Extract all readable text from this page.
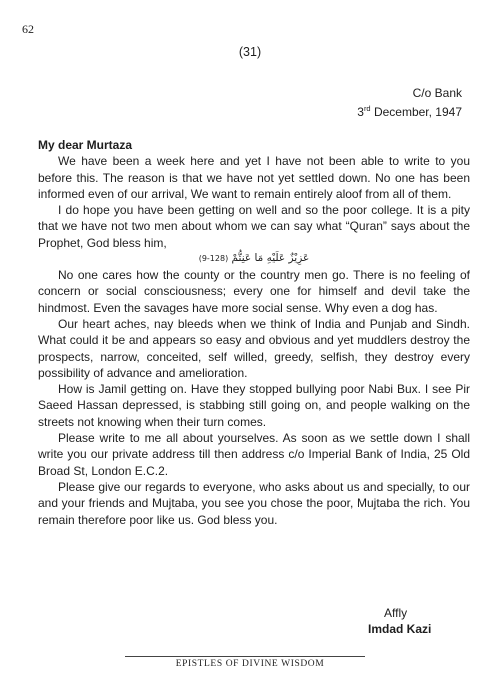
62
(31)
C/o Bank
3rd December, 1947

My dear Murtaza

We have been a week here and yet I have not been able to write to you before this. The reason is that we have not yet settled down. No one has been informed even of our arrival, We want to remain entirely aloof from all of them.

I do hope you have been getting on well and so the poor college. It is a pity that we have not two men about whom we can say what “Quran” says about the Prophet, God bless him,

عَزِيْزٌ عَلَيْهِ مَا عَنِتُّمْ (9-128)

No one cares how the county or the country men go. There is no feeling of concern or social consciousness; every one for himself and devil take the hindmost. Even the savages have more social sense. Why even a dog has.

Our heart aches, nay bleeds when we think of India and Punjab and Sindh. What could it be and appears so easy and obvious and yet muddlers destroy the prospects, narrow, conceited, self willed, greedy, selfish, they destroy every possibility of advance and amelioration.

How is Jamil getting on. Have they stopped bullying poor Nabi Bux. I see Pir Saeed Hassan depressed, is stabbing still going on, and people walking on the streets not knowing when their turn comes.

Please write to me all about yourselves. As soon as we settle down I shall write you our private address till then address c/o Imperial Bank of India, 25 Old Broad St, London E.C.2.

Please give our regards to everyone, who asks about us and specially, to our and your friends and Mujtaba, you see you chose the poor, Mujtaba the rich. You remain therefore poor like us. God bless you.

Affly
Imdad Kazi
EPISTLES OF DIVINE WISDOM
